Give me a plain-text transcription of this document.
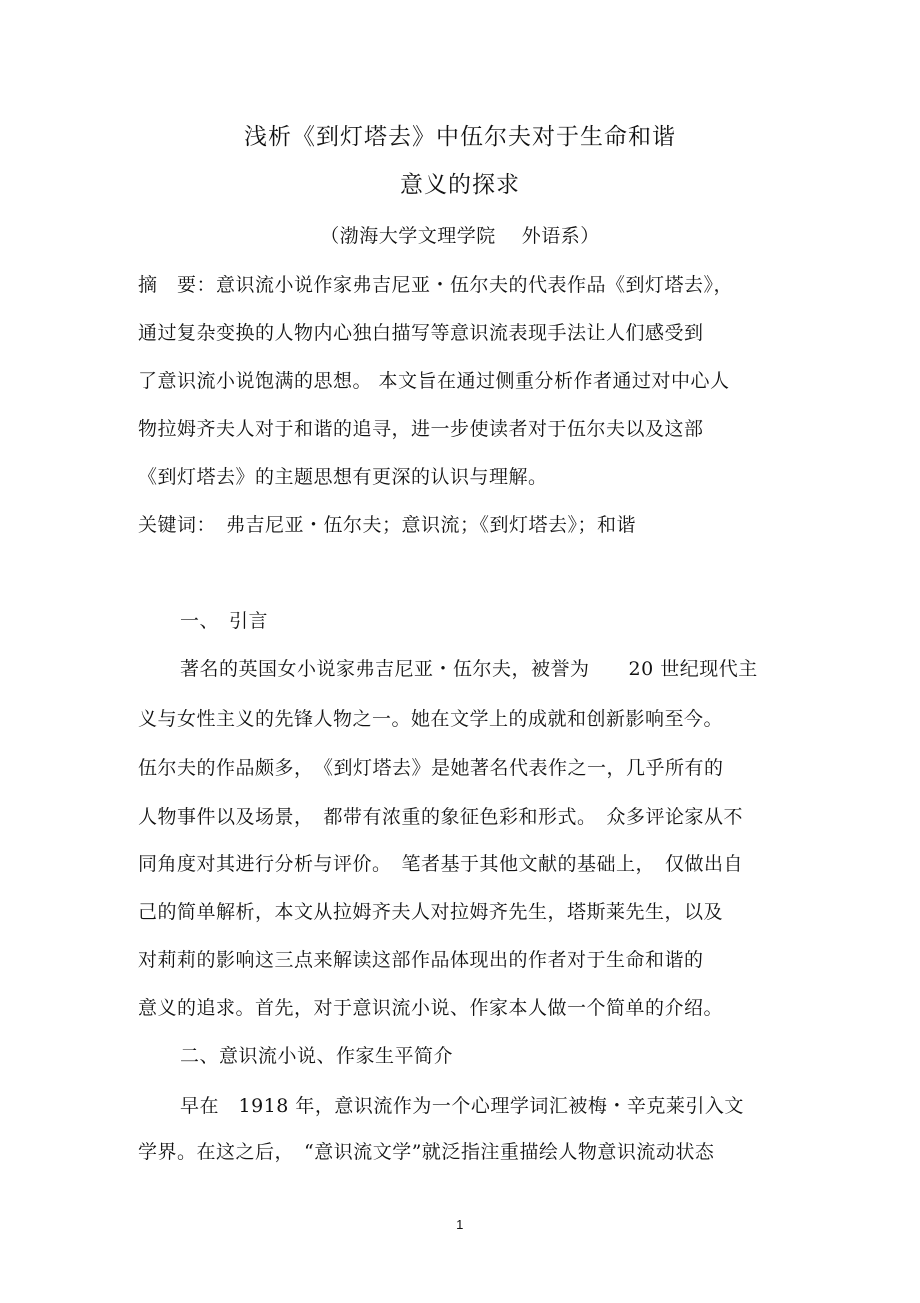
浅析《到灯塔去》中伍尔夫对于生命和谐
意义的探求
（渤海大学文理学院　 外语系）
摘　要：意识流小说作家弗吉尼亚・伍尔夫的代表作品《到灯塔去》，
通过复杂变换的人物内心独白描写等意识流表现手法让人们感受到
了意识流小说饱满的思想。 本文旨在通过侧重分析作者通过对中心人
物拉姆齐夫人对于和谐的追寻，进一步使读者对于伍尔夫以及这部
《到灯塔去》的主题思想有更深的认识与理解。
关键词：　弗吉尼亚・伍尔夫；意识流；《到灯塔去》；和谐
一、　引言
著名的英国女小说家弗吉尼亚・伍尔夫，被誉为　　20 世纪现代主
义与女性主义的先锋人物之一。她在文学上的成就和创新影响至今。
伍尔夫的作品颇多，　《到灯塔去》是她著名代表作之一，几乎所有的
人物事件以及场景，　都带有浓重的象征色彩和形式。　众多评论家从不
同角度对其进行分析与评价。　笔者基于其他文献的基础上，　仅做出自
己的简单解析，本文从拉姆齐夫人对拉姆齐先生，塔斯莱先生，以及
对莉莉的影响这三点来解读这部作品体现出的作者对于生命和谐的
意义的追求。首先，对于意识流小说、作家本人做一个简单的介绍。
二、意识流小说、作家生平简介
早在　1918 年，意识流作为一个心理学词汇被梅・辛克莱引入文
学界。在这之后，　“意识流文学”就泛指注重描绘人物意识流动状态
1
